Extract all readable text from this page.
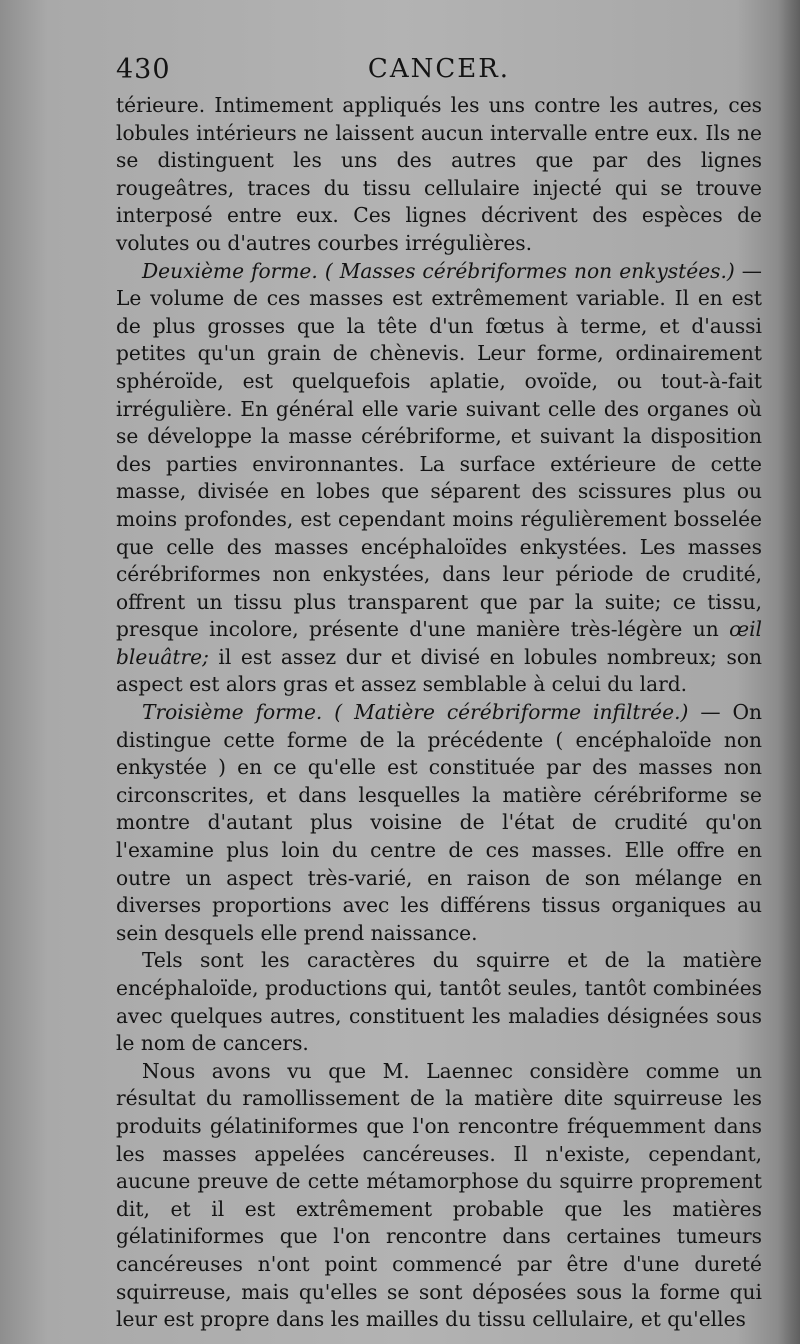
430	CANCER.

térieure. Intimement appliqués les uns contre les autres, ces lobules intérieurs ne laissent aucun intervalle entre eux. Ils ne se distinguent les uns des autres que par des lignes rougeâtres, traces du tissu cellulaire injecté qui se trouve interposé entre eux. Ces lignes décrivent des espèces de volutes ou d'autres courbes irrégulières.

Deuxième forme. ( Masses cérébriformes non enkystées.) — Le volume de ces masses est extrêmement variable. Il en est de plus grosses que la tête d'un fœtus à terme, et d'aussi petites qu'un grain de chènevis. Leur forme, ordinairement sphéroïde, est quelquefois aplatie, ovoïde, ou tout-à-fait irrégulière. En général elle varie suivant celle des organes où se développe la masse cérébriforme, et suivant la disposition des parties environnantes. La surface extérieure de cette masse, divisée en lobes que séparent des scissures plus ou moins profondes, est cependant moins régulièrement bosselée que celle des masses encéphaloïdes enkystées. Les masses cérébriformes non enkystées, dans leur période de crudité, offrent un tissu plus transparent que par la suite; ce tissu, presque incolore, présente d'une manière très-légère un œil bleuâtre; il est assez dur et divisé en lobules nombreux; son aspect est alors gras et assez semblable à celui du lard.

Troisième forme. ( Matière cérébriforme infiltrée.) — On distingue cette forme de la précédente ( encéphaloïde non enkystée ) en ce qu'elle est constituée par des masses non circonscrites, et dans lesquelles la matière cérébriforme se montre d'autant plus voisine de l'état de crudité qu'on l'examine plus loin du centre de ces masses. Elle offre en outre un aspect très-varié, en raison de son mélange en diverses proportions avec les différens tissus organiques au sein desquels elle prend naissance.

Tels sont les caractères du squirre et de la matière encéphaloïde, productions qui, tantôt seules, tantôt combinées avec quelques autres, constituent les maladies désignées sous le nom de cancers.

Nous avons vu que M. Laennec considère comme un résultat du ramollissement de la matière dite squirreuse les produits gélatiniformes que l'on rencontre fréquemment dans les masses appelées cancéreuses. Il n'existe, cependant, aucune preuve de cette métamorphose du squirre proprement dit, et il est extrêmement probable que les matières gélatiniformes que l'on rencontre dans certaines tumeurs cancéreuses n'ont point commencé par être d'une dureté squirreuse, mais qu'elles se sont déposées sous la forme qui leur est propre dans les mailles du tissu cellulaire, et qu'elles
